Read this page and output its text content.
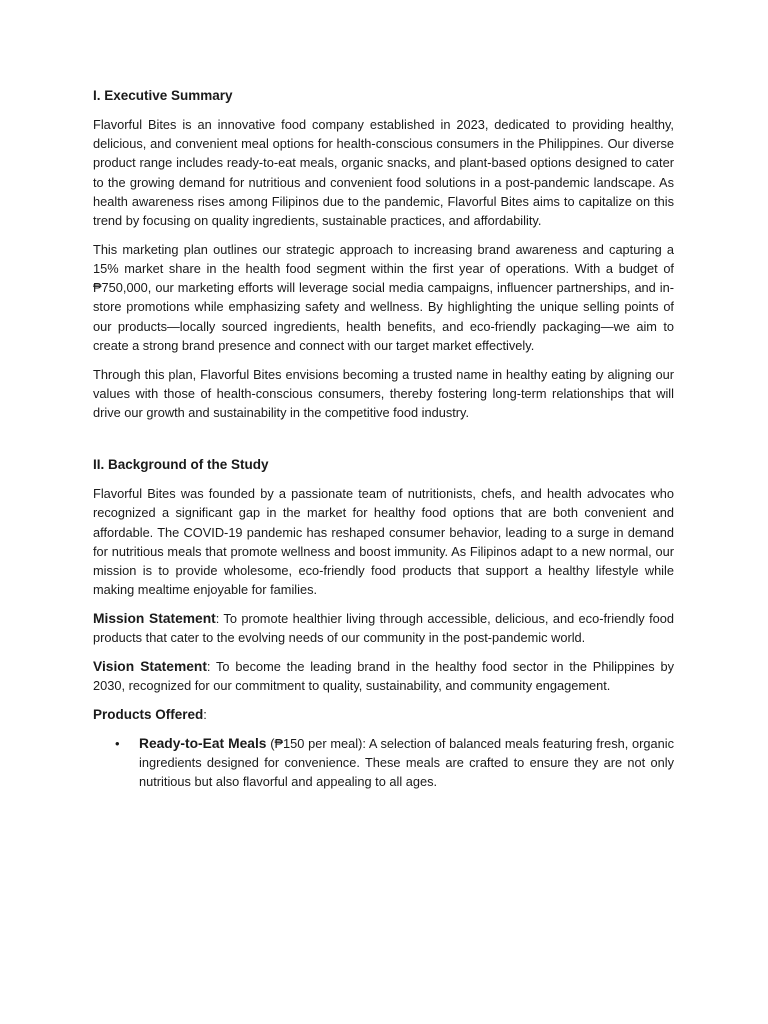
I. Executive Summary

Flavorful Bites is an innovative food company established in 2023, dedicated to providing healthy, delicious, and convenient meal options for health-conscious consumers in the Philippines. Our diverse product range includes ready-to-eat meals, organic snacks, and plant-based options designed to cater to the growing demand for nutritious and convenient food solutions in a post-pandemic landscape. As health awareness rises among Filipinos due to the pandemic, Flavorful Bites aims to capitalize on this trend by focusing on quality ingredients, sustainable practices, and affordability.

This marketing plan outlines our strategic approach to increasing brand awareness and capturing a 15% market share in the health food segment within the first year of operations. With a budget of ₱750,000, our marketing efforts will leverage social media campaigns, influencer partnerships, and in-store promotions while emphasizing safety and wellness. By highlighting the unique selling points of our products—locally sourced ingredients, health benefits, and eco-friendly packaging—we aim to create a strong brand presence and connect with our target market effectively.

Through this plan, Flavorful Bites envisions becoming a trusted name in healthy eating by aligning our values with those of health-conscious consumers, thereby fostering long-term relationships that will drive our growth and sustainability in the competitive food industry.

II. Background of the Study

Flavorful Bites was founded by a passionate team of nutritionists, chefs, and health advocates who recognized a significant gap in the market for healthy food options that are both convenient and affordable. The COVID-19 pandemic has reshaped consumer behavior, leading to a surge in demand for nutritious meals that promote wellness and boost immunity. As Filipinos adapt to a new normal, our mission is to provide wholesome, eco-friendly food products that support a healthy lifestyle while making mealtime enjoyable for families.

Mission Statement: To promote healthier living through accessible, delicious, and eco-friendly food products that cater to the evolving needs of our community in the post-pandemic world.

Vision Statement: To become the leading brand in the healthy food sector in the Philippines by 2030, recognized for our commitment to quality, sustainability, and community engagement.

Products Offered:

• Ready-to-Eat Meals (₱150 per meal): A selection of balanced meals featuring fresh, organic ingredients designed for convenience. These meals are crafted to ensure they are not only nutritious but also flavorful and appealing to all ages.
